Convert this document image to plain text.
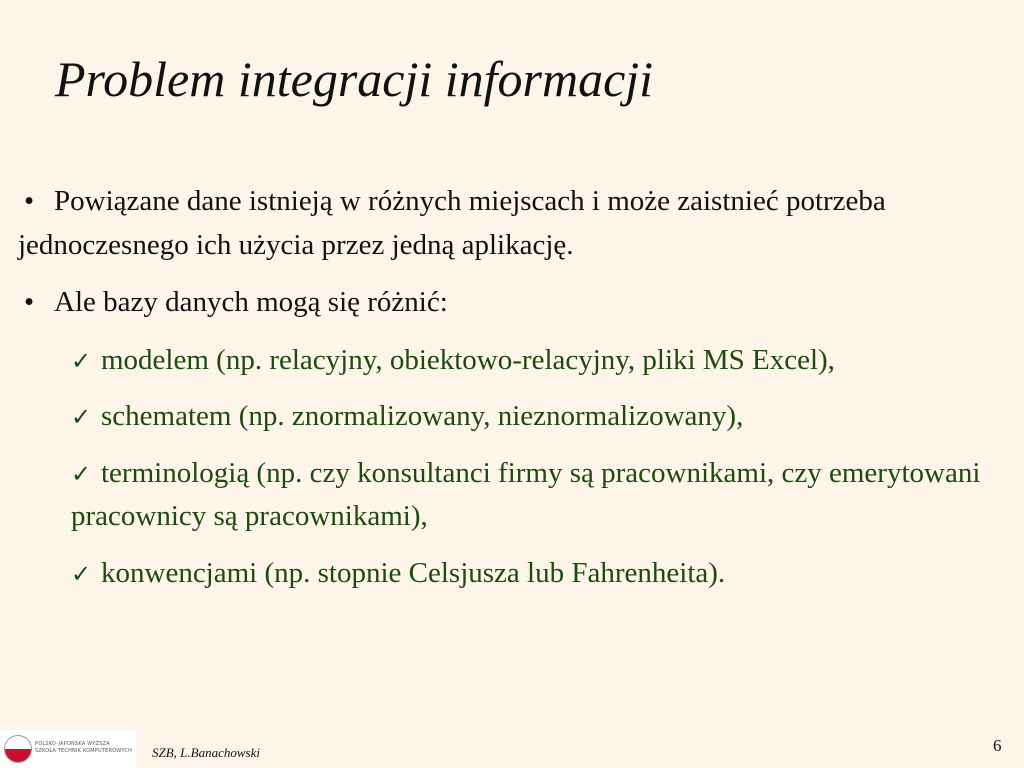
Problem integracji informacji
• Powiązane dane istnieją w różnych miejscach i może zaistnieć potrzeba jednoczesnego ich użycia przez jedną aplikację.
• Ale bazy danych mogą się różnić:
✓ modelem (np. relacyjny, obiektowo-relacyjny, pliki MS Excel),
✓ schematem (np. znormalizowany, nieznormalizowany),
✓ terminologią (np. czy konsultanci firmy są pracownikami, czy emerytowani pracownicy są pracownikami),
✓ konwencjami (np. stopnie Celsjusza lub Fahrenheita).
POLSKO-JAPOŃSKA WYŻSZA
SZKOŁA TECHNIK KOMPUTEROWYCH SZB, L.Banachowski	6
